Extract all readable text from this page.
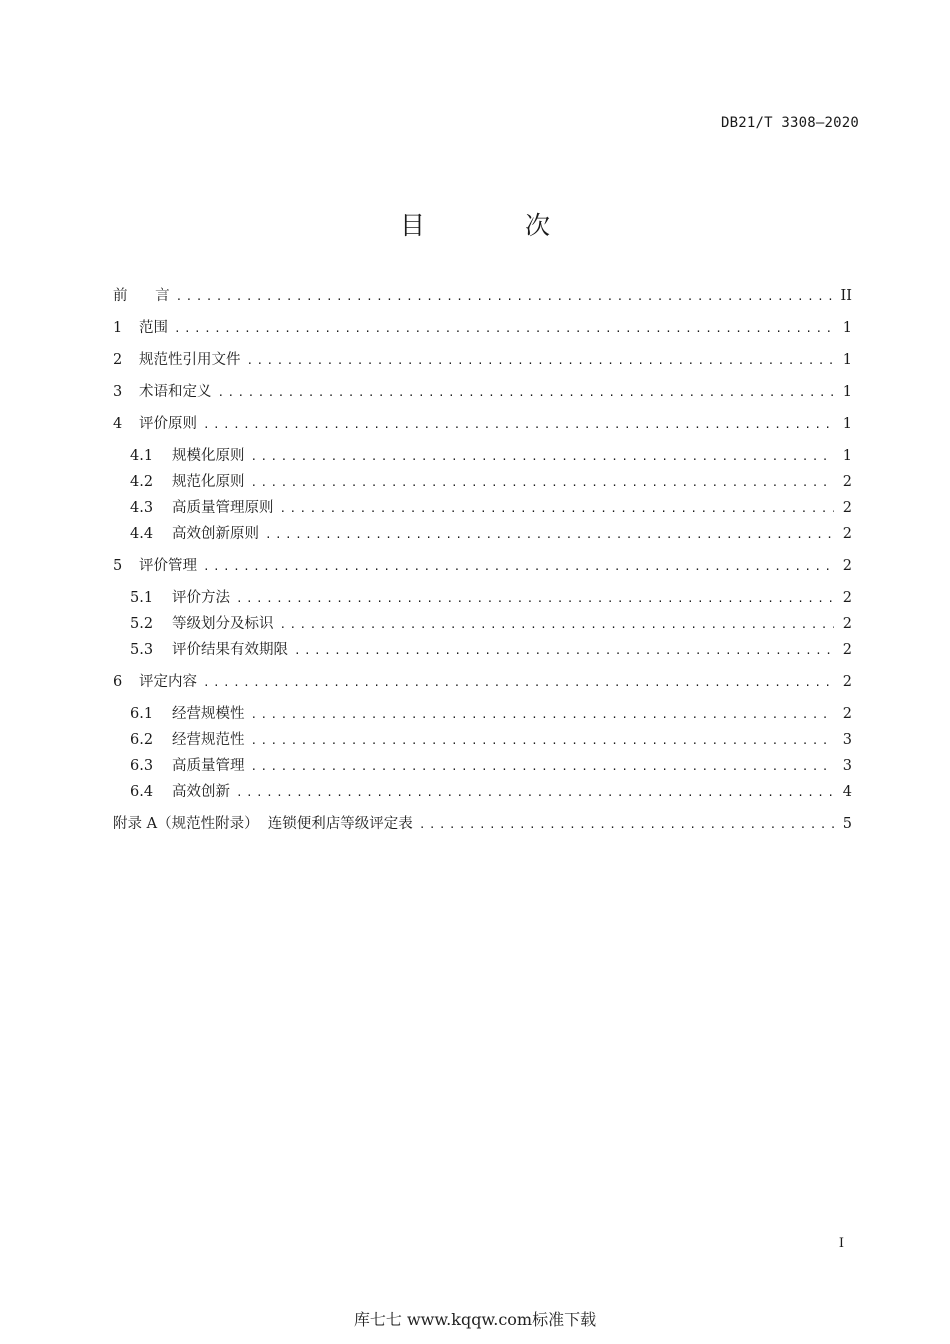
DB21/T 3308—2020
目 次
前      言 .....	II
1	范围 .....	1
2	规范性引用文件 .....	1
3	术语和定义 .....	1
4	评价原则 .....	1
4.1	规模化原则 .....	1
4.2	规范化原则 .....	2
4.3	高质量管理原则 .....	2
4.4	高效创新原则 .....	2
5	评价管理 .....	2
5.1	评价方法 .....	2
5.2	等级划分及标识 .....	2
5.3	评价结果有效期限 .....	2
6	评定内容 .....	2
6.1	经营规模性 .....	2
6.2	经营规范性 .....	3
6.3	高质量管理 .....	3
6.4	高效创新 .....	4
附录 A（规范性附录）  连锁便利店等级评定表 .....	5
I
库七七 www.kqqw.com标准下载
